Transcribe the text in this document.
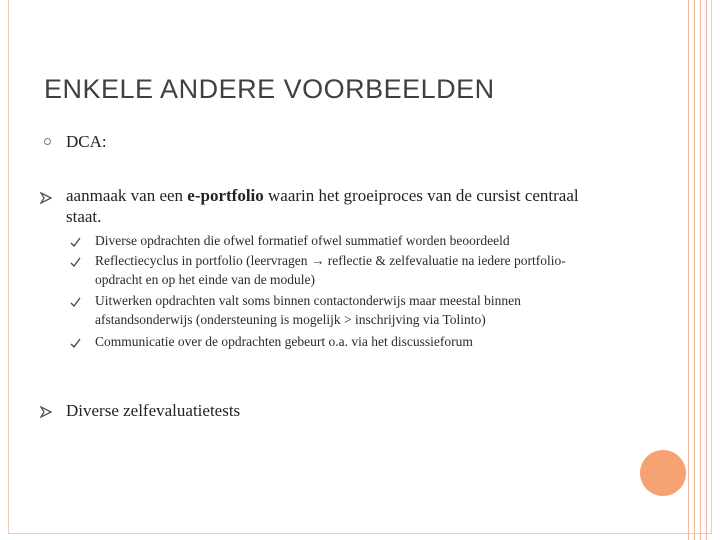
ENKELE ANDERE VOORBEELDEN
DCA:
aanmaak van een e-portfolio waarin het groeiproces van de cursist centraal
staat.
Diverse opdrachten die ofwel formatief ofwel summatief worden beoordeeld
Reflectiecyclus in portfolio (leervragen → reflectie & zelfevaluatie na iedere portfolio-
opdracht en op het einde van de module)
Uitwerken opdrachten valt soms binnen contactonderwijs maar meestal binnen
afstandsonderwijs (ondersteuning is mogelijk > inschrijving via Tolinto)
Communicatie over de opdrachten gebeurt o.a. via het discussieforum
Diverse zelfevaluatietests
